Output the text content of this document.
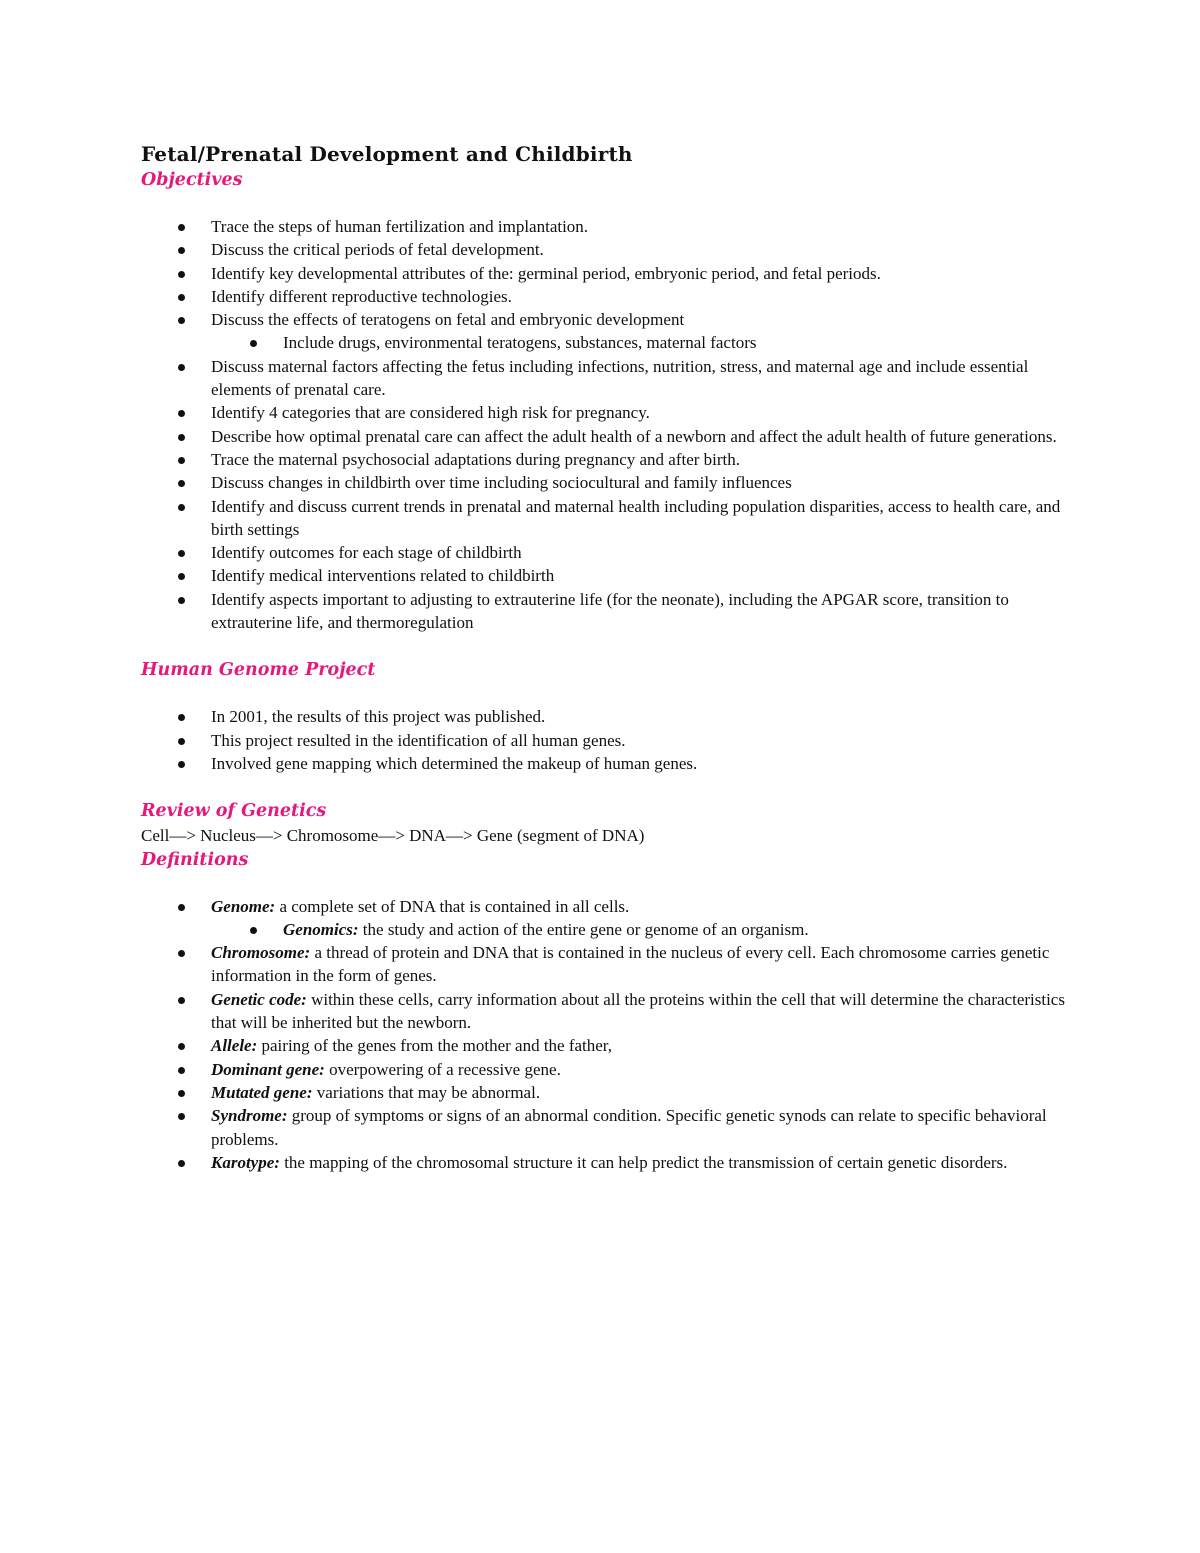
Fetal/Prenatal Development and Childbirth
Objectives
Trace the steps of human fertilization and implantation.
Discuss the critical periods of fetal development.
Identify key developmental attributes of the: germinal period, embryonic period, and fetal periods.
Identify different reproductive technologies.
Discuss the effects of teratogens on fetal and embryonic development
Include drugs, environmental teratogens, substances, maternal factors
Discuss maternal factors affecting the fetus including infections, nutrition, stress, and maternal age and include essential elements of prenatal care.
Identify 4 categories that are considered high risk for pregnancy.
Describe how optimal prenatal care can affect the adult health of a newborn and affect the adult health of future generations.
Trace the maternal psychosocial adaptations during pregnancy and after birth.
Discuss changes in childbirth over time including sociocultural and family influences
Identify and discuss current trends in prenatal and maternal health including population disparities, access to health care, and birth settings
Identify outcomes for each stage of childbirth
Identify medical interventions related to childbirth
Identify aspects important to adjusting to extrauterine life (for the neonate), including the APGAR score, transition to extrauterine life, and thermoregulation
Human Genome Project
In 2001, the results of this project was published.
This project resulted in the identification of all human genes.
Involved gene mapping which determined the makeup of human genes.
Review of Genetics

Cell—> Nucleus—> Chromosome—> DNA—> Gene (segment of DNA)

Definitions
Genome: a complete set of DNA that is contained in all cells.
Genomics: the study and action of the entire gene or genome of an organism.
Chromosome: a thread of protein and DNA that is contained in the nucleus of every cell. Each chromosome carries genetic information in the form of genes.
Genetic code: within these cells, carry information about all the proteins within the cell that will determine the characteristics that will be inherited but the newborn.
Allele: pairing of the genes from the mother and the father,
Dominant gene: overpowering of a recessive gene.
Mutated gene: variations that may be abnormal.
Syndrome: group of symptoms or signs of an abnormal condition. Specific genetic synods can relate to specific behavioral problems.
Karotype: the mapping of the chromosomal structure it can help predict the transmission of certain genetic disorders.
